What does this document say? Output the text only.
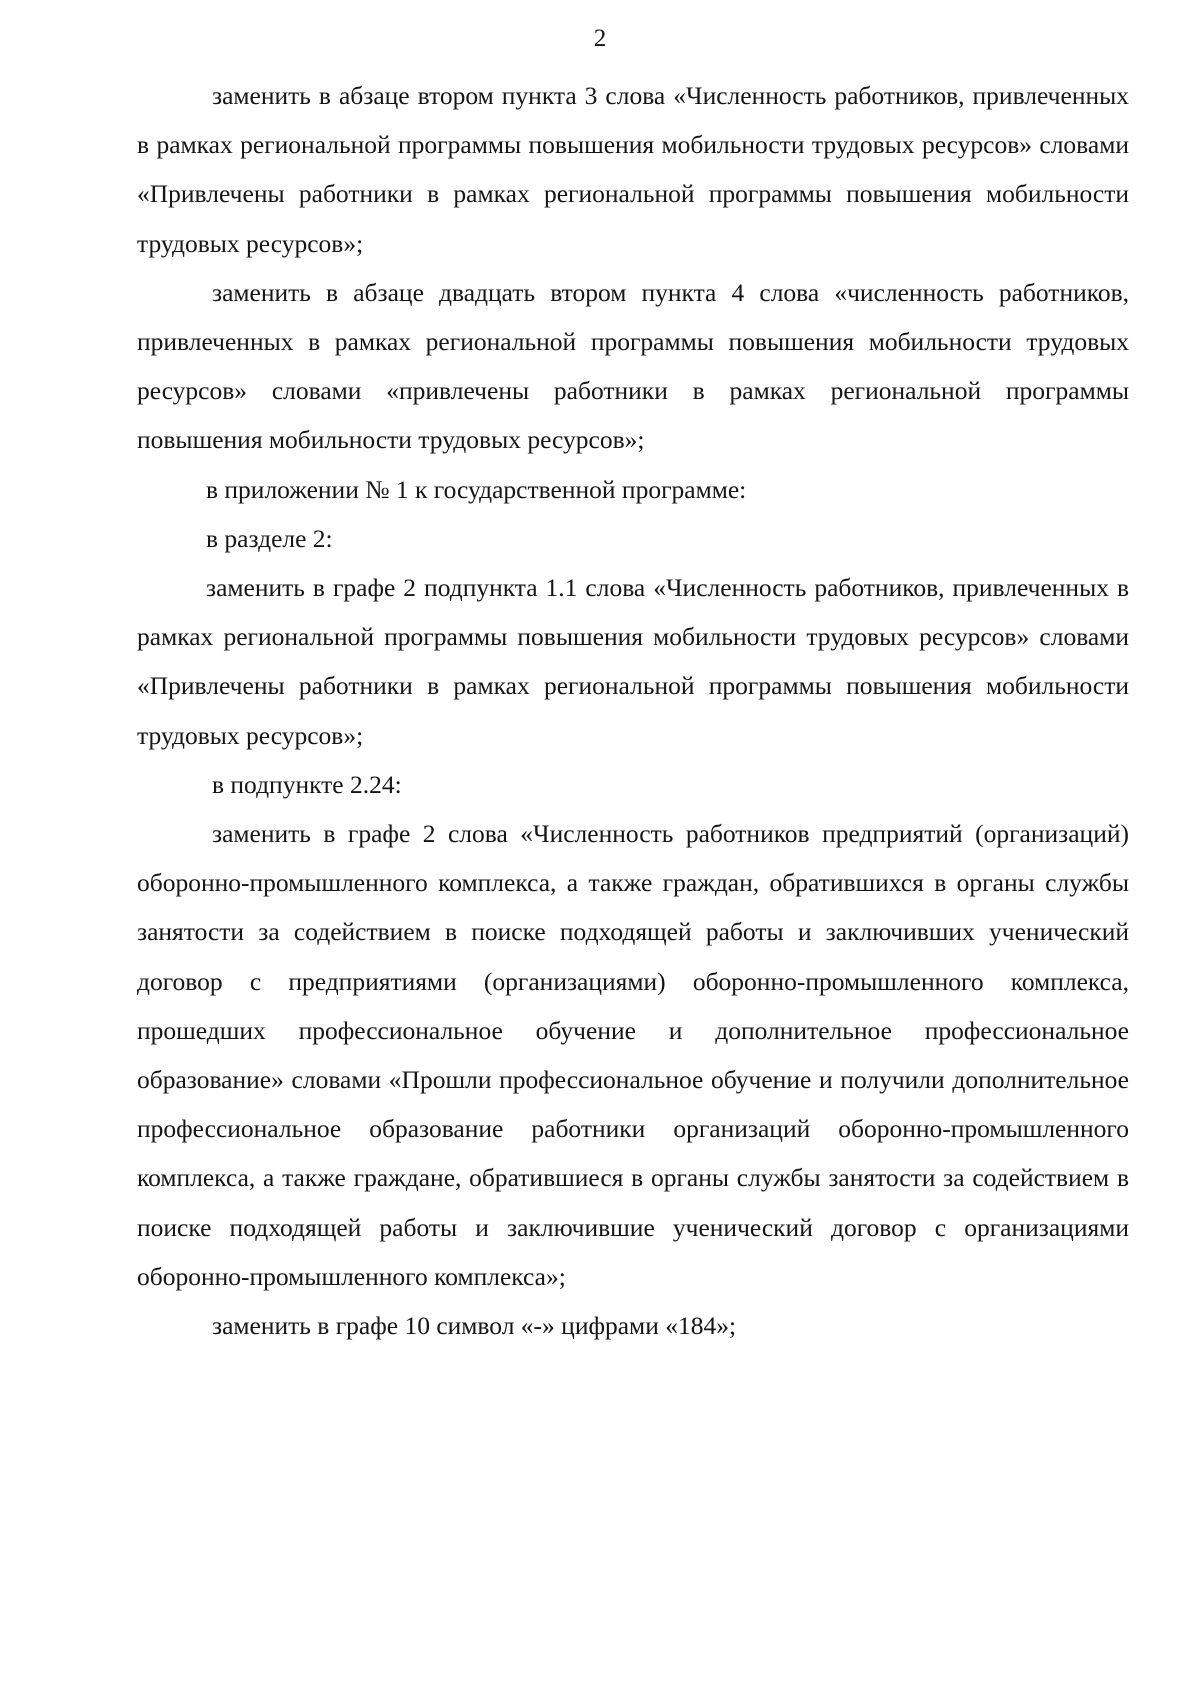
2

заменить в абзаце втором пункта 3 слова «Численность работников, привлеченных в рамках региональной программы повышения мобильности трудовых ресурсов» словами «Привлечены работники в рамках региональной программы повышения мобильности трудовых ресурсов»;

заменить в абзаце двадцать втором пункта 4 слова «численность работников, привлеченных в рамках региональной программы повышения мобильности трудовых ресурсов» словами «привлечены работники в рамках региональной программы повышения мобильности трудовых ресурсов»;

в приложении № 1 к государственной программе:

в разделе 2:

заменить в графе 2 подпункта 1.1 слова «Численность работников, привлеченных в рамках региональной программы повышения мобильности трудовых ресурсов» словами «Привлечены работники в рамках региональной программы повышения мобильности трудовых ресурсов»;

в подпункте 2.24:

заменить в графе 2 слова «Численность работников предприятий (организаций) оборонно-промышленного комплекса, а также граждан, обратившихся в органы службы занятости за содействием в поиске подходящей работы и заключивших ученический договор с предприятиями (организациями) оборонно-промышленного комплекса, прошедших профессиональное обучение и дополнительное профессиональное образование» словами «Прошли профессиональное обучение и получили дополнительное профессиональное образование работники организаций оборонно-промышленного комплекса, а также граждане, обратившиеся в органы службы занятости за содействием в поиске подходящей работы и заключившие ученический договор с организациями оборонно-промышленного комплекса»;

заменить в графе 10 символ «-» цифрами «184»;
